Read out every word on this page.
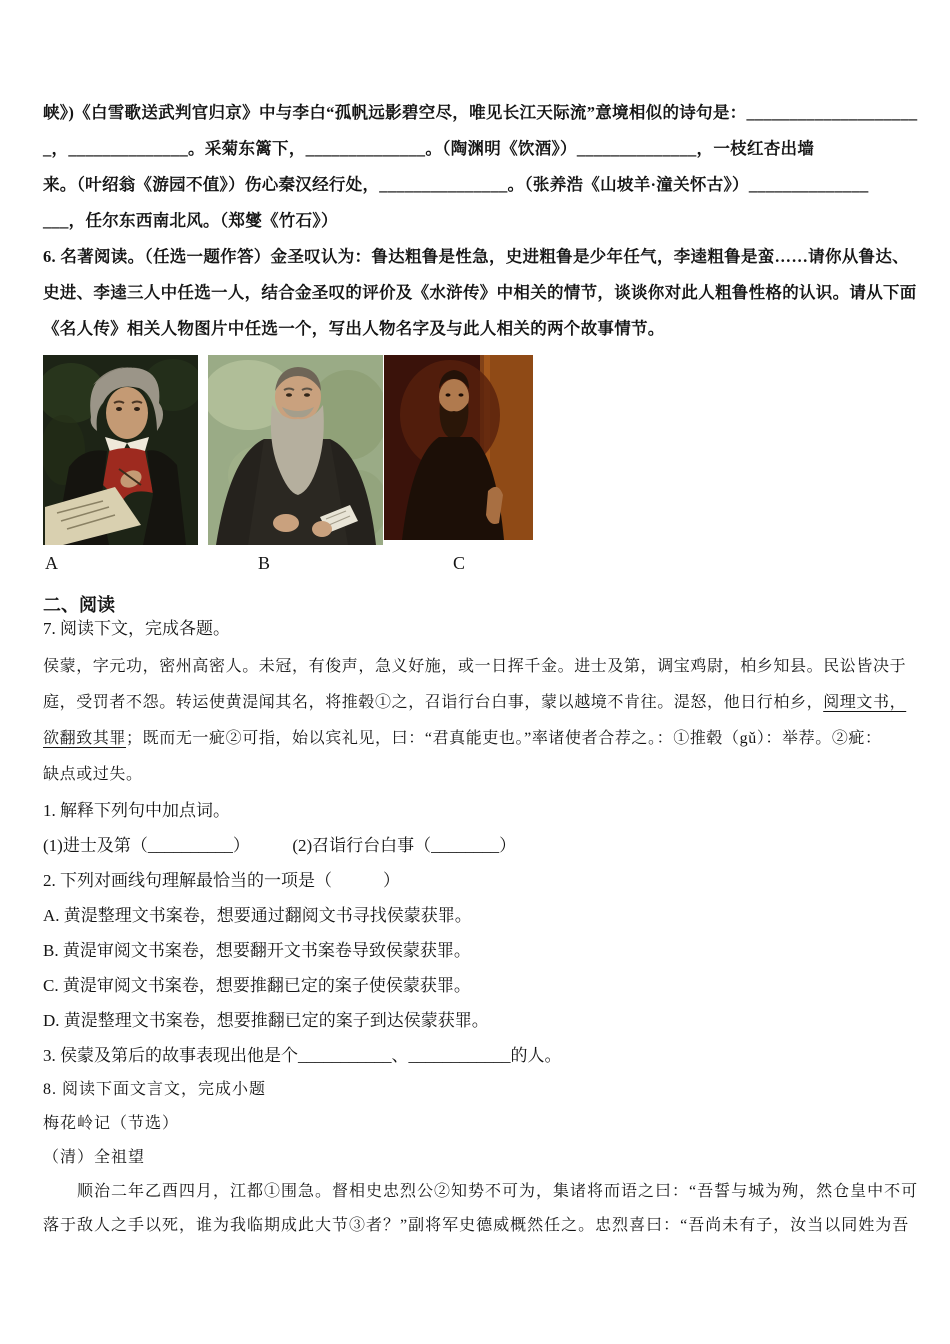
峡》)《白雪歌送武判官归京》中与李白“孤帆远影碧空尽，唯见长江天际流”意境相似的诗句是：____________________
_，______________。采菊东篱下，______________。（陶渊明《饮酒》）______________，一枝红杏出墙
来。（叶绍翁《游园不值》）伤心秦汉经行处，_______________。（张养浩《山坡羊·潼关怀古》）______________
___，任尔东西南北风。（郑燮《竹石》）
6. 名著阅读。（任选一题作答）金圣叹认为：鲁达粗鲁是性急，史进粗鲁是少年任气，李逵粗鲁是蛮……请你从鲁达、
史进、李逵三人中任选一人，结合金圣叹的评价及《水浒传》中相关的情节，谈谈你对此人粗鲁性格的认识。请从下面
《名人传》相关人物图片中任选一个，写出人物名字及与此人相关的两个故事情节。
A	B	C
二、阅读
7. 阅读下文，完成各题。
侯蒙，字元功，密州高密人。未冠，有俊声，急义好施，或一日挥千金。进士及第，调宝鸡尉，柏乡知县。民讼皆决于
庭，受罚者不怨。转运使黄湜闻其名，将推毂①之，召诣行台白事，蒙以越境不肯往。湜怒，他日行柏乡，阅理文书，
欲翻致其罪；既而无一疵②可指，始以宾礼见，曰：“君真能吏也。”率诸使者合荐之。：①推毂（gǔ）：举荐。②疵：
缺点或过失。
1. 解释下列句中加点词。
(1)进士及第（__________）　　　(2)召诣行台白事（________）
2. 下列对画线句理解最恰当的一项是（　　　）
A. 黄湜整理文书案卷，想要通过翻阅文书寻找侯蒙获罪。
B. 黄湜审阅文书案卷，想要翻开文书案卷导致侯蒙获罪。
C. 黄湜审阅文书案卷，想要推翻已定的案子使侯蒙获罪。
D. 黄湜整理文书案卷，想要推翻已定的案子到达侯蒙获罪。
3. 侯蒙及第后的故事表现出他是个___________、____________的人。
8. 阅读下面文言文，完成小题
梅花岭记（节选）
（清）全祖望
　　顺治二年乙酉四月，江都①围急。督相史忠烈公②知势不可为，集诸将而语之曰：“吾誓与城为殉，然仓皇中不可
落于敌人之手以死，谁为我临期成此大节③者？”副将军史德威概然任之。忠烈喜曰：“吾尚未有子，汝当以同姓为吾
